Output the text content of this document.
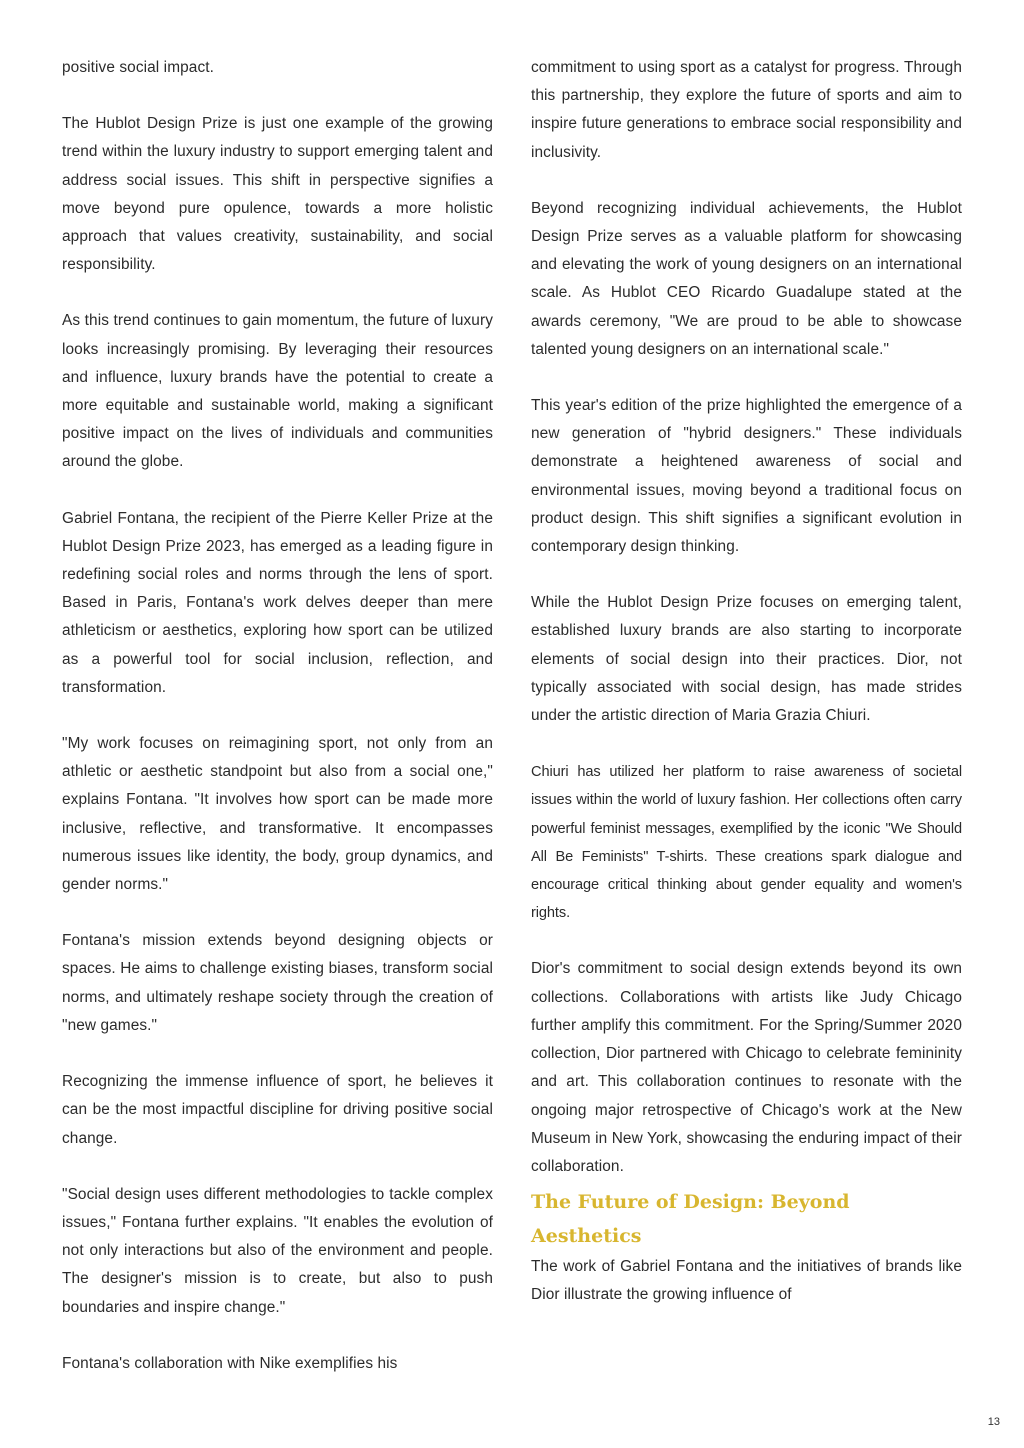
positive social impact.

The Hublot Design Prize is just one example of the growing trend within the luxury industry to support emerging talent and address social issues. This shift in perspective signifies a move beyond pure opulence, towards a more holistic approach that values creativity, sustainability, and social responsibility.

As this trend continues to gain momentum, the future of luxury looks increasingly promising. By leveraging their resources and influence, luxury brands have the potential to create a more equitable and sustainable world, making a significant positive impact on the lives of individuals and communities around the globe.

Gabriel Fontana, the recipient of the Pierre Keller Prize at the Hublot Design Prize 2023, has emerged as a leading figure in redefining social roles and norms through the lens of sport. Based in Paris, Fontana's work delves deeper than mere athleticism or aesthetics, exploring how sport can be utilized as a powerful tool for social inclusion, reflection, and transformation.

"My work focuses on reimagining sport, not only from an athletic or aesthetic standpoint but also from a social one," explains Fontana. "It involves how sport can be made more inclusive, reflective, and transformative. It encompasses numerous issues like identity, the body, group dynamics, and gender norms."

Fontana's mission extends beyond designing objects or spaces. He aims to challenge existing biases, transform social norms, and ultimately reshape society through the creation of "new games."

Recognizing the immense influence of sport, he believes it can be the most impactful discipline for driving positive social change.

"Social design uses different methodologies to tackle complex issues," Fontana further explains. "It enables the evolution of not only interactions but also of the environment and people. The designer's mission is to create, but also to push boundaries and inspire change."

Fontana's collaboration with Nike exemplifies his

commitment to using sport as a catalyst for progress. Through this partnership, they explore the future of sports and aim to inspire future generations to embrace social responsibility and inclusivity.

Beyond recognizing individual achievements, the Hublot Design Prize serves as a valuable platform for showcasing and elevating the work of young designers on an international scale. As Hublot CEO Ricardo Guadalupe stated at the awards ceremony, "We are proud to be able to showcase talented young designers on an international scale."

This year's edition of the prize highlighted the emergence of a new generation of "hybrid designers." These individuals demonstrate a heightened awareness of social and environmental issues, moving beyond a traditional focus on product design. This shift signifies a significant evolution in contemporary design thinking.

While the Hublot Design Prize focuses on emerging talent, established luxury brands are also starting to incorporate elements of social design into their practices. Dior, not typically associated with social design, has made strides under the artistic direction of Maria Grazia Chiuri.

Chiuri has utilized her platform to raise awareness of societal issues within the world of luxury fashion. Her collections often carry powerful feminist messages, exemplified by the iconic "We Should All Be Feminists" T-shirts. These creations spark dialogue and encourage critical thinking about gender equality and women's rights.

Dior's commitment to social design extends beyond its own collections. Collaborations with artists like Judy Chicago further amplify this commitment. For the Spring/Summer 2020 collection, Dior partnered with Chicago to celebrate femininity and art. This collaboration continues to resonate with the ongoing major retrospective of Chicago's work at the New Museum in New York, showcasing the enduring impact of their collaboration.

The Future of Design: Beyond Aesthetics

The work of Gabriel Fontana and the initiatives of brands like Dior illustrate the growing influence of

13
